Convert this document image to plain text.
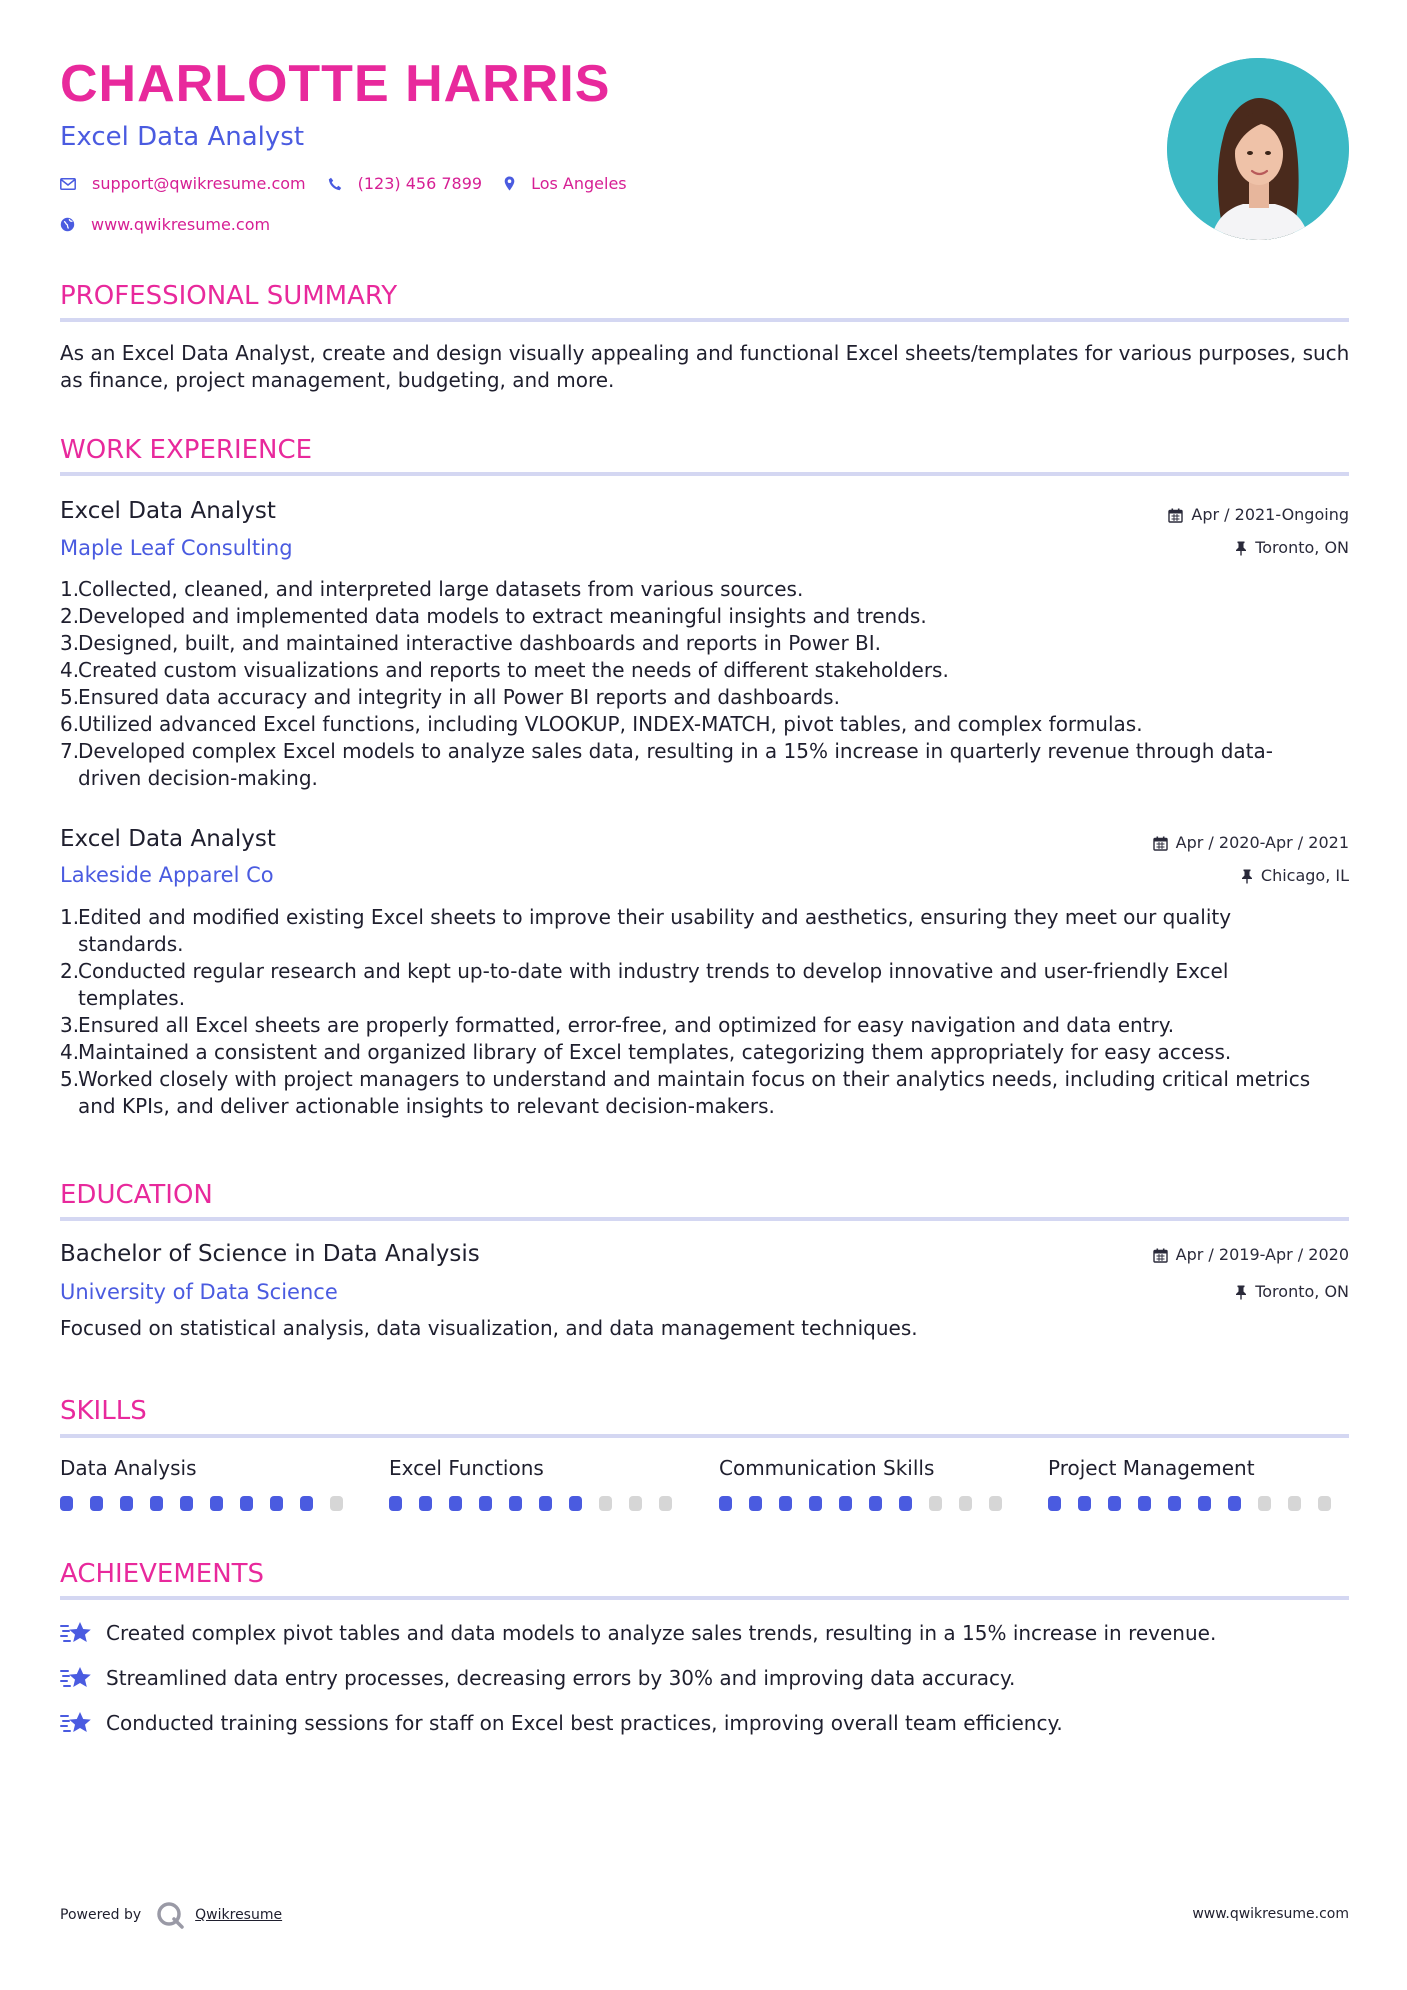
CHARLOTTE HARRIS
Excel Data Analyst
support@qwikresume.com	(123) 456 7899	Los Angeles
www.qwikresume.com
PROFESSIONAL SUMMARY
As an Excel Data Analyst, create and design visually appealing and functional Excel sheets/templates for various purposes, such as finance, project management, budgeting, and more.
WORK EXPERIENCE
Excel Data Analyst	Apr / 2021-Ongoing
Maple Leaf Consulting	Toronto, ON
1.
Collected, cleaned, and interpreted large datasets from various sources.
2.
Developed and implemented data models to extract meaningful insights and trends.
3.
Designed, built, and maintained interactive dashboards and reports in Power BI.
4.
Created custom visualizations and reports to meet the needs of different stakeholders.
5.
Ensured data accuracy and integrity in all Power BI reports and dashboards.
6.
Utilized advanced Excel functions, including VLOOKUP, INDEX-MATCH, pivot tables, and complex formulas.
7.
Developed complex Excel models to analyze sales data, resulting in a 15% increase in quarterly revenue through data-driven decision-making.
Excel Data Analyst	Apr / 2020-Apr / 2021
Lakeside Apparel Co	Chicago, IL
1.
Edited and modified existing Excel sheets to improve their usability and aesthetics, ensuring they meet our quality standards.
2.
Conducted regular research and kept up-to-date with industry trends to develop innovative and user-friendly Excel templates.
3.
Ensured all Excel sheets are properly formatted, error-free, and optimized for easy navigation and data entry.
4.
Maintained a consistent and organized library of Excel templates, categorizing them appropriately for easy access.
5.
Worked closely with project managers to understand and maintain focus on their analytics needs, including critical metrics and KPIs, and deliver actionable insights to relevant decision-makers.
EDUCATION
Bachelor of Science in Data Analysis	Apr / 2019-Apr / 2020
University of Data Science	Toronto, ON
Focused on statistical analysis, data visualization, and data management techniques.
SKILLS
Data Analysis	Excel Functions	Communication Skills	Project Management
ACHIEVEMENTS
Created complex pivot tables and data models to analyze sales trends, resulting in a 15% increase in revenue.
Streamlined data entry processes, decreasing errors by 30% and improving data accuracy.
Conducted training sessions for staff on Excel best practices, improving overall team efficiency.
Powered by	Qwikresume	www.qwikresume.com
